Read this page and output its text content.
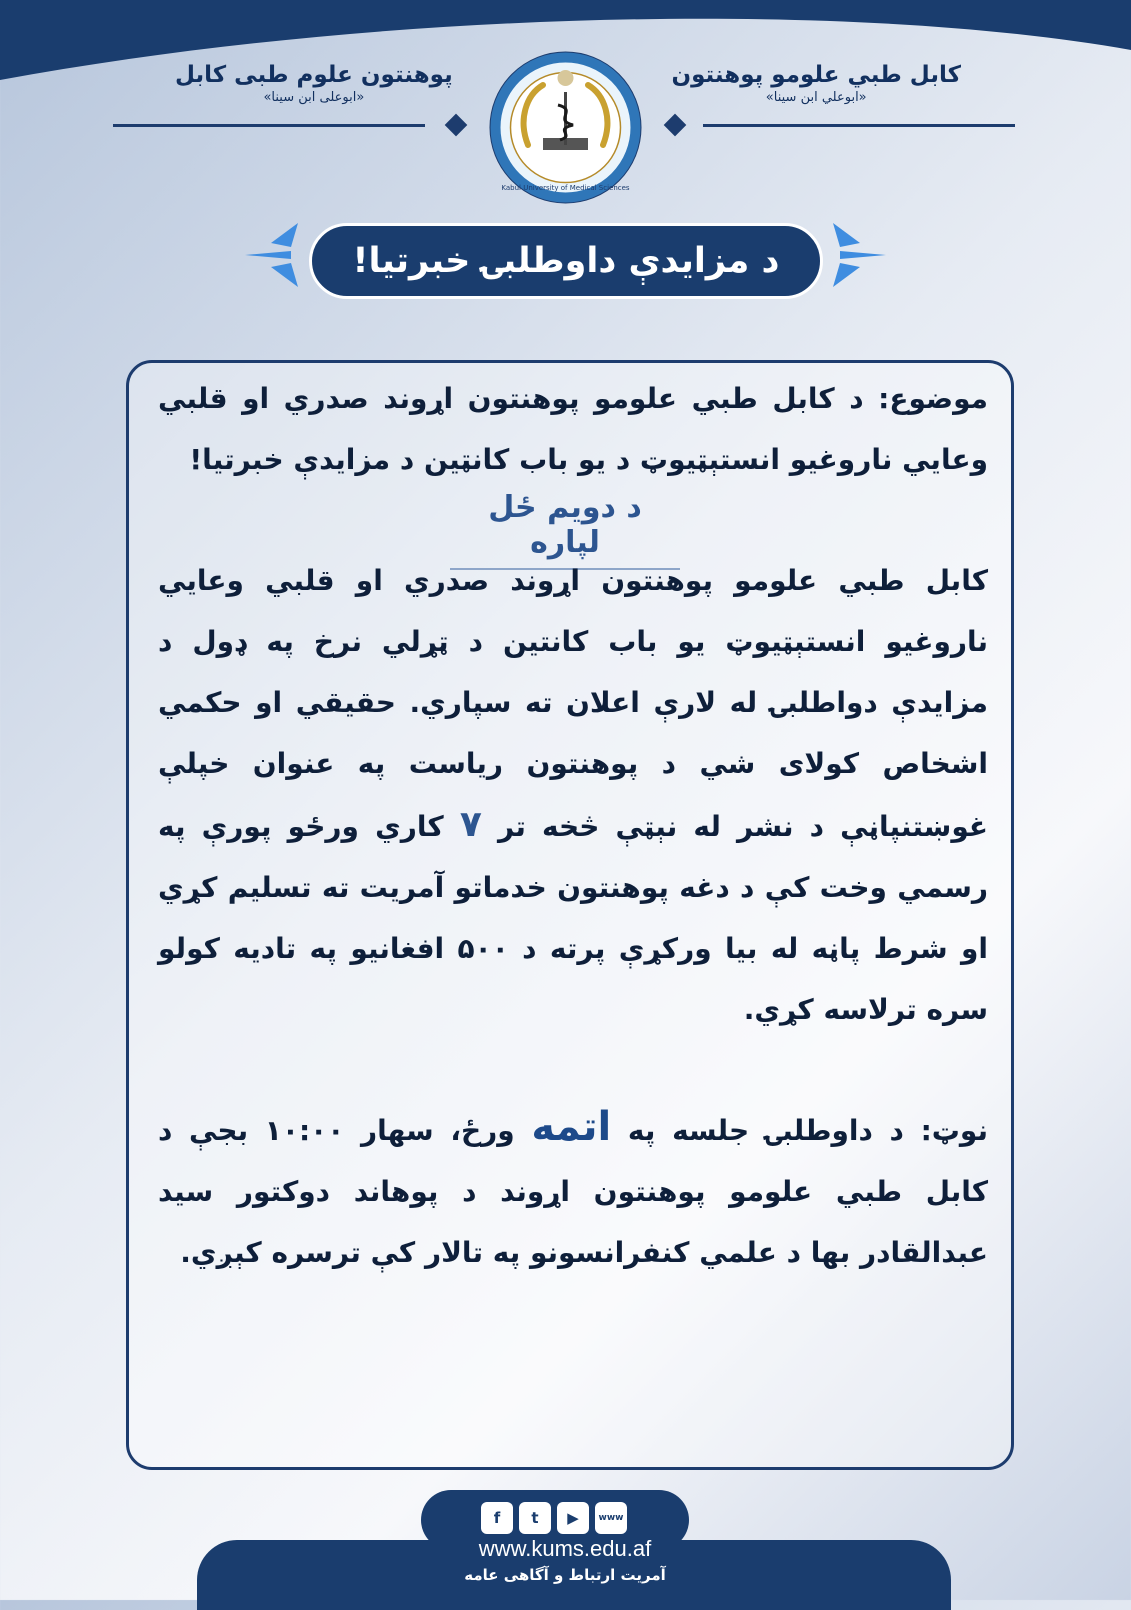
کابل طبي علومو پوهنتون
«ابوعلي ابن سینا»
پوهنتون علوم طبی کابل
«ابوعلی ابن سینا»
Kabul University of Medical Sciences
د مزایدې داوطلبۍ خبرتیا!
موضوع: د کابل طبي علومو پوهنتون اړوند صدري او قلبي وعايي ناروغيو انستېټيوټ د يو باب کانټين د مزايدې خبرتيا!
د دویم ځل لپاره
کابل طبي علومو پوهنتون اړوند صدري او قلبي وعايي ناروغيو انستېټيوټ يو باب کانتين د ټړلي نرخ په ډول د مزايدې دواطلبۍ له لارې اعلان ته سپاري. حقيقي او حکمي اشخاص کولای شي د پوهنتون رياست په عنوان خپلې غوښتنپاڼې د نشر له نېټې څخه تر ۷ کاري ورځو پورې په رسمي وخت کې د دغه پوهنتون خدماتو آمريت ته تسليم کړي او شرط پاڼه له بيا ورکړې پرته د ۵۰۰ افغانيو په تاديه کولو سره ترلاسه کړي.
نوټ: د داوطلبۍ جلسه په اتمه ورځ، سهار ۱۰:۰۰ بجې د کابل طبي علومو پوهنتون اړوند د پوهاند دوکتور سيد عبدالقادر بها د علمي کنفرانسونو په تالار کې ترسره کېږي.
f	t	▶	www
www.kums.edu.af
آمریت ارتباط و آگاهی عامه
